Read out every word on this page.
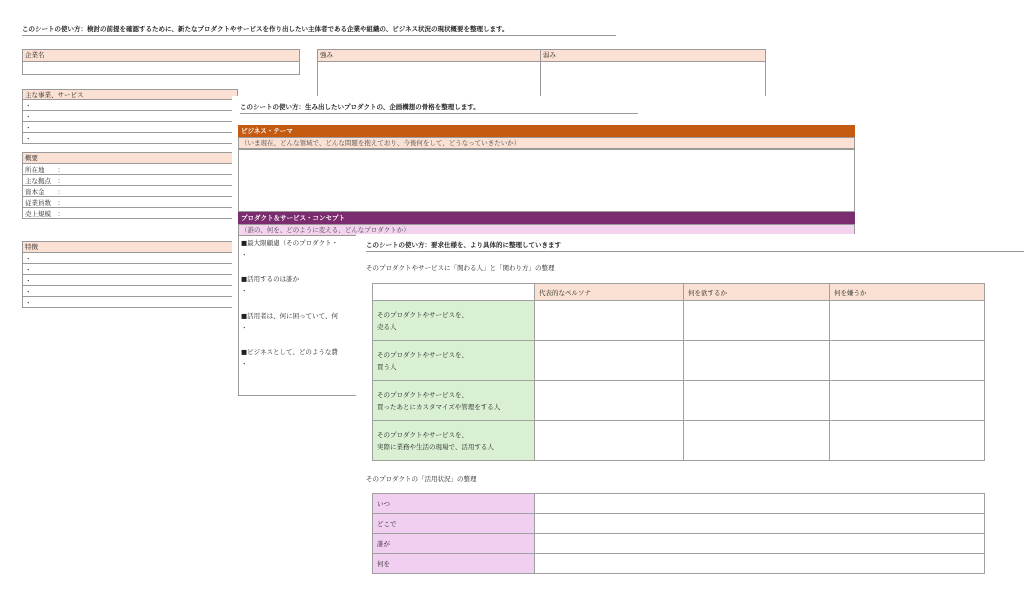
このシートの使い方：検討の前提を確認するために、新たなプロダクトやサービスを作り出したい主体者である企業や組織の、ビジネス状況の現状概要を整理します。
企業名	強み	弱み
主な事業、サービス
・
・
・
・
概要
所在地　　：
主な拠点　：
資本金　　：
従業員数　：
売上規模　：
特徴
・
・
・
・
・
このシートの使い方：生み出したいプロダクトの、企画構想の骨格を整理します。
ビジネス・テーマ
（いま現在、どんな領域で、どんな問題を抱えており、今後何をして、どうなっていきたいか）
プロダクト＆サービス・コンセプト
（誰の、何を、どのように変える、どんなプロダクトか）
■最大限顧慮（そのプロダクト・
・
■活用するのは誰か
・
■活用者は、何に困っていて、何
・
■ビジネスとして、どのような費
・
このシートの使い方：要求仕様を、より具体的に整理していきます
そのプロダクトやサービスに「関わる人」と「関わり方」の整理
	代表的なペルソナ	何を欲するか	何を嫌うか

そのプロダクトやサービスを、
売る人			

そのプロダクトやサービスを、
買う人			

そのプロダクトやサービスを、
買ったあとにカスタマイズや管理をする人			

そのプロダクトやサービスを、
実際に業務や生活の現場で、活用する人			

そのプロダクトの「活用状況」の整理
いつ	
どこで	
誰が	
何を	
